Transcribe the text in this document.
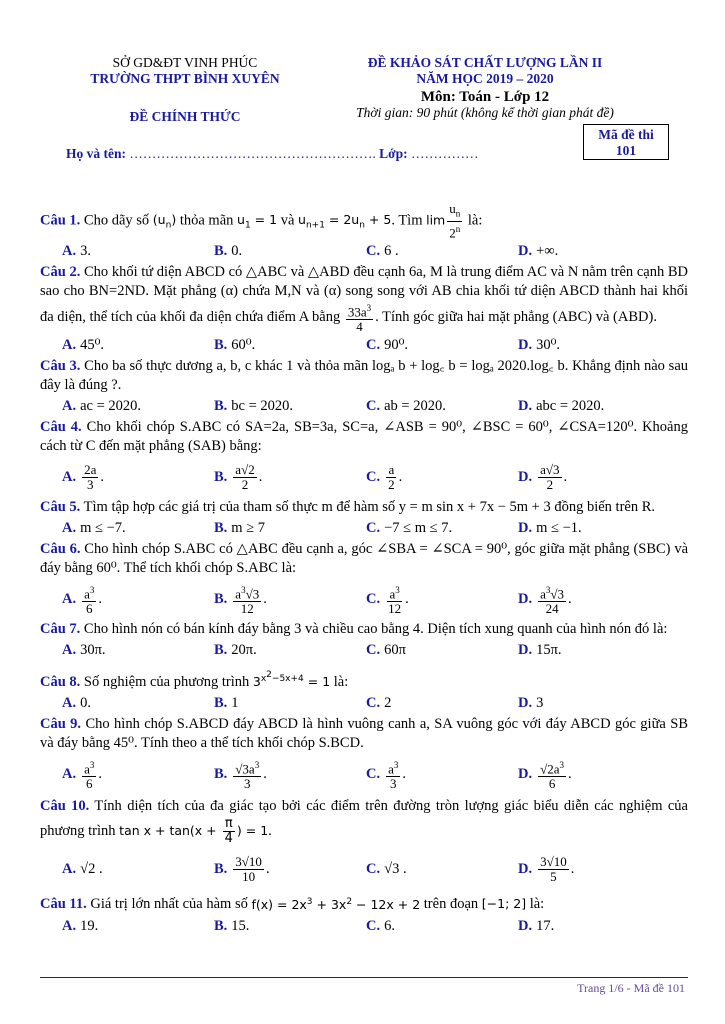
SỞ GD&ĐT VINH PHÚC
TRƯỜNG THPT BÌNH XUYÊN
ĐỀ CHÍNH THỨC
ĐỀ KHẢO SÁT CHẤT LƯỢNG LẦN II
NĂM HỌC 2019 – 2020
Môn: Toán - Lớp 12
Thời gian: 90 phút (không kể thời gian phát đề)
Mã đề thi
101
Họ và tên: ………………………………………………. Lớp: ……………
Câu 1. Cho dãy số $(u_n)$ thỏa mãn $u_1 = 1$ và $u_{n+1} = 2u_n + 5$. Tìm $\lim \frac{u_n}{2^n}$ là:
A. 3.	B. 0.	C. 6 .	D. +∞.
Câu 2. Cho khối tứ diện ABCD có △ABC và △ABD đều cạnh 6a, M là trung điểm AC và N nằm trên cạnh BD sao cho BN=2ND. Mặt phẳng (α) chứa M,N và (α) song song với AB chia khối tứ diện ABCD thành hai khối đa diện, thể tích của khối đa diện chứa điểm A bằng $\frac{33a^3}{4}$ . Tính góc giữa hai mặt phẳng (ABC) và (ABD).
A. 45⁰.	B. 60⁰.	C. 90⁰.	D. 30⁰.
Câu 3. Cho ba số thực dương a, b, c khác 1 và thỏa mãn logₐ b + log꜀ b = logₐ 2020.log꜀ b. Khẳng định nào sau đây là đúng ?.
A. ac = 2020.	B. bc = 2020.	C. ab = 2020.	D. abc = 2020.
Câu 4. Cho khối chóp S.ABC có SA=2a, SB=3a, SC=a, ∠ASB = 90⁰, ∠BSC = 60⁰, ∠CSA=120⁰. Khoảng cách từ C đến mặt phẳng (SAB) bằng:
A. $\frac{2a}{3}$ .	B. $\frac{a√2}{2}$ .	C. $\frac{a}{2}$ .	D. $\frac{a√3}{2}$ .
Câu 5. Tìm tập hợp các giá trị của tham số thực m để hàm số y = m sin x + 7x − 5m + 3 đồng biến trên R.
A. m ≤ −7.	B. m ≥ 7	C. −7 ≤ m ≤ 7.	D. m ≤ −1.
Câu 6. Cho hình chóp S.ABC có △ABC đều cạnh a, góc ∠SBA = ∠SCA = 90⁰, góc giữa mặt phẳng (SBC) và đáy bằng 60⁰. Thể tích khối chóp S.ABC là:
A. $\frac{a^3}{6}$ .	B. $\frac{a^3√3}{12}$ .	C. $\frac{a^3}{12}$ .	D. $\frac{a^3√3}{24}$ .
Câu 7. Cho hình nón có bán kính đáy bằng 3 và chiều cao bằng 4. Diện tích xung quanh của hình nón đó là:
A. 30π.	B. 20π.	C. 60π	D. 15π.
Câu 8. Số nghiệm của phương trình $3^{x^2-5x+4} = 1$ là:
A. 0.	B. 1	C. 2	D. 3
Câu 9. Cho hình chóp S.ABCD đáy ABCD là hình vuông canh a, SA vuông góc với đáy ABCD góc giữa SB và đáy bằng 45⁰. Tính theo a thể tích khối chóp S.BCD.
A. $\frac{a^3}{6}$ .	B. $\frac{√3a^3}{3}$ .	C. $\frac{a^3}{3}$ .	D. $\frac{√2a^3}{6}$ .
Câu 10. Tính diện tích của đa giác tạo bởi các điểm trên đường tròn lượng giác biểu diễn các nghiệm của phương trình $\tan x + \tan(x + \frac{\pi}{4}$ ) = 1.
A. √2 .	B. $\frac{3√10}{10}$ .	C. √3 .	D. $\frac{3√10}{5}$ .
Câu 11. Giá trị lớn nhất của hàm số $f(x) = 2x^3 + 3x^2 - 12x + 2$ trên đoạn [−1; 2] là:
A. 19.	B. 15.	C. 6.	D. 17.
Trang 1/6 - Mã đề 101
